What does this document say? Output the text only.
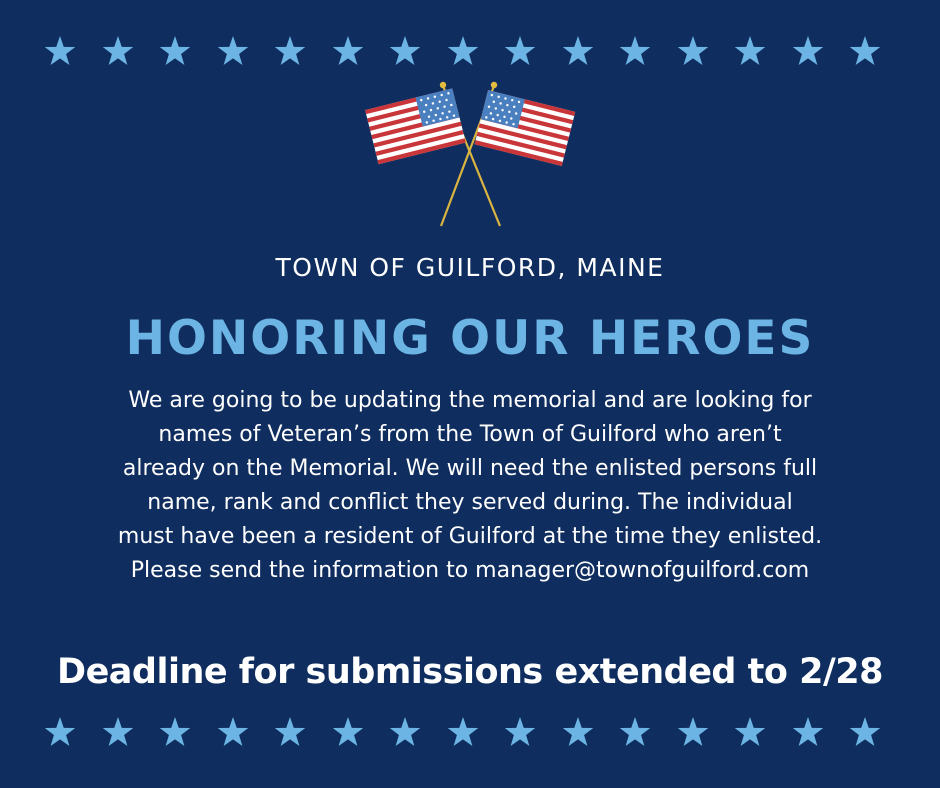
TOWN OF GUILFORD, MAINE
HONORING OUR HEROES
We are going to be updating the memorial and are looking for
names of Veteran’s from the Town of Guilford who aren’t
already on the Memorial. We will need the enlisted persons full
name, rank and conflict they served during. The individual
must have been a resident of Guilford at the time they enlisted.
Please send the information to manager@townofguilford.com
Deadline for submissions extended to 2/28
